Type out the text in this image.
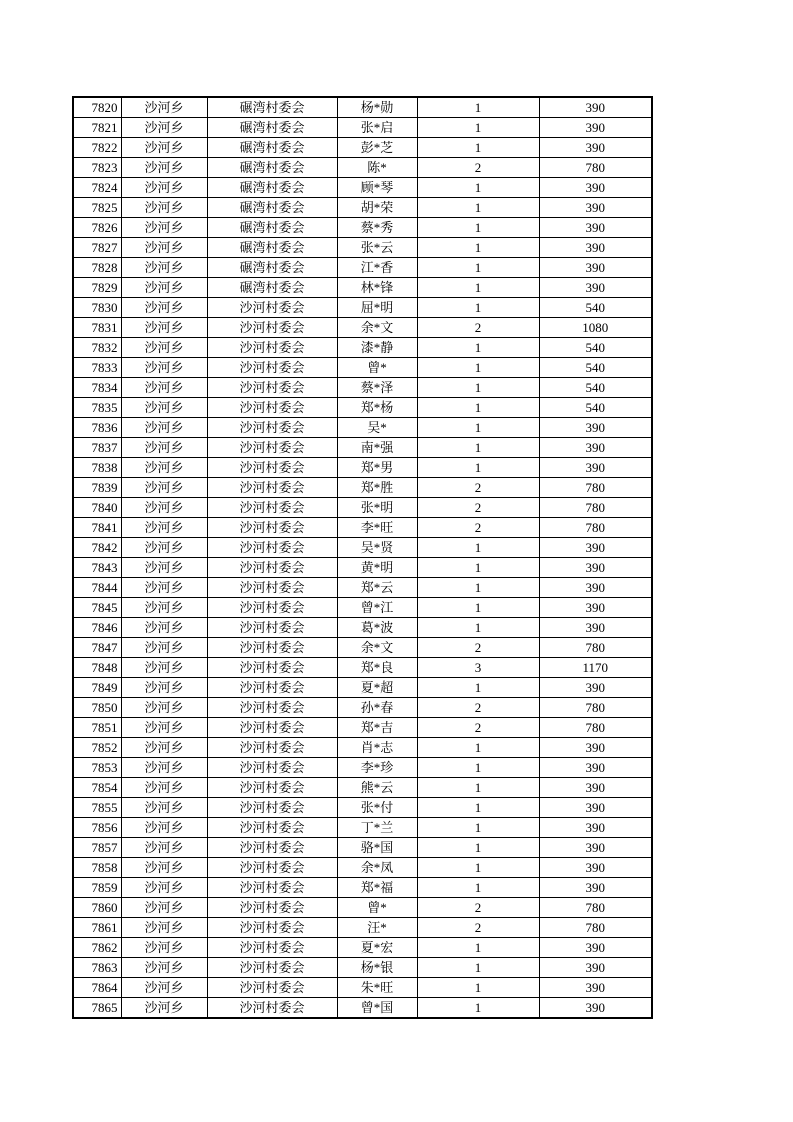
7820	沙河乡	碾湾村委会	杨*勋	1	390
7821	沙河乡	碾湾村委会	张*启	1	390
7822	沙河乡	碾湾村委会	彭*芝	1	390
7823	沙河乡	碾湾村委会	陈*	2	780
7824	沙河乡	碾湾村委会	顾*琴	1	390
7825	沙河乡	碾湾村委会	胡*荣	1	390
7826	沙河乡	碾湾村委会	蔡*秀	1	390
7827	沙河乡	碾湾村委会	张*云	1	390
7828	沙河乡	碾湾村委会	江*香	1	390
7829	沙河乡	碾湾村委会	林*锋	1	390
7830	沙河乡	沙河村委会	屈*明	1	540
7831	沙河乡	沙河村委会	余*文	2	1080
7832	沙河乡	沙河村委会	漆*静	1	540
7833	沙河乡	沙河村委会	曾*	1	540
7834	沙河乡	沙河村委会	蔡*泽	1	540
7835	沙河乡	沙河村委会	郑*杨	1	540
7836	沙河乡	沙河村委会	吴*	1	390
7837	沙河乡	沙河村委会	南*强	1	390
7838	沙河乡	沙河村委会	郑*男	1	390
7839	沙河乡	沙河村委会	郑*胜	2	780
7840	沙河乡	沙河村委会	张*明	2	780
7841	沙河乡	沙河村委会	李*旺	2	780
7842	沙河乡	沙河村委会	吴*贤	1	390
7843	沙河乡	沙河村委会	黄*明	1	390
7844	沙河乡	沙河村委会	郑*云	1	390
7845	沙河乡	沙河村委会	曾*江	1	390
7846	沙河乡	沙河村委会	葛*波	1	390
7847	沙河乡	沙河村委会	余*文	2	780
7848	沙河乡	沙河村委会	郑*良	3	1170
7849	沙河乡	沙河村委会	夏*超	1	390
7850	沙河乡	沙河村委会	孙*春	2	780
7851	沙河乡	沙河村委会	郑*吉	2	780
7852	沙河乡	沙河村委会	肖*志	1	390
7853	沙河乡	沙河村委会	李*珍	1	390
7854	沙河乡	沙河村委会	熊*云	1	390
7855	沙河乡	沙河村委会	张*付	1	390
7856	沙河乡	沙河村委会	丁*兰	1	390
7857	沙河乡	沙河村委会	骆*国	1	390
7858	沙河乡	沙河村委会	余*凤	1	390
7859	沙河乡	沙河村委会	郑*福	1	390
7860	沙河乡	沙河村委会	曾*	2	780
7861	沙河乡	沙河村委会	汪*	2	780
7862	沙河乡	沙河村委会	夏*宏	1	390
7863	沙河乡	沙河村委会	杨*银	1	390
7864	沙河乡	沙河村委会	朱*旺	1	390
7865	沙河乡	沙河村委会	曾*国	1	390
